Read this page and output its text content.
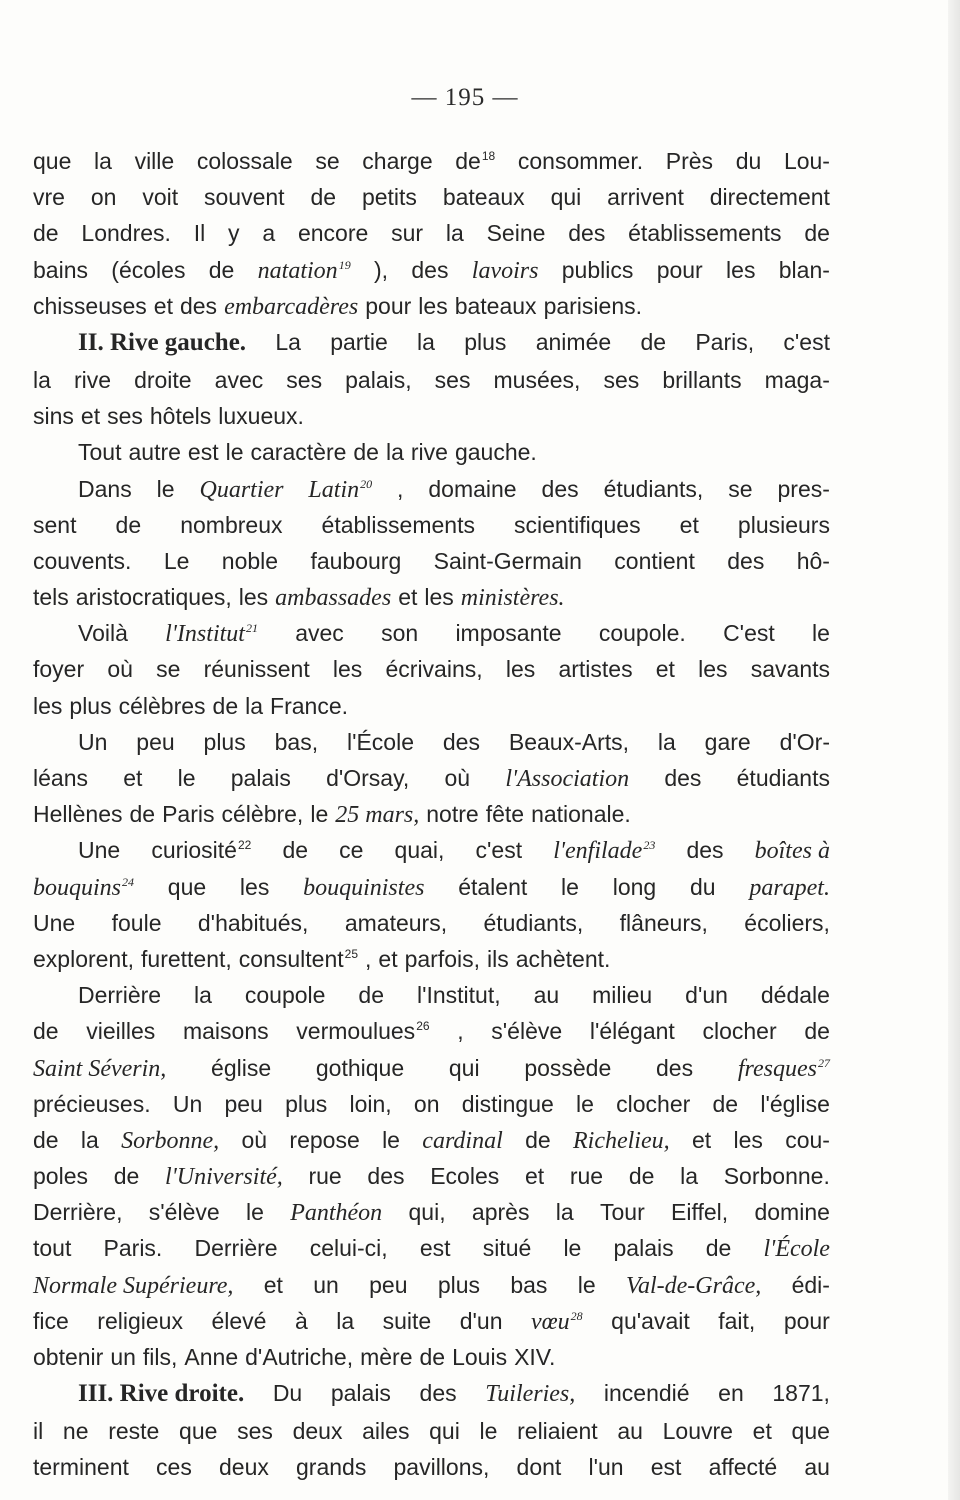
— 195 —
que la ville colossale se charge $de^{18}$ consommer. Près du Lou-
vre on voit souvent de petits bateaux qui arrivent directement
de Londres. Il y a encore sur la Seine des établissements de
bains (écoles de natation$^{19}$ ), des lavoirs publics pour les blan-
chisseuses et des embarcadères pour les bateaux parisiens.
II. Rive gauche. La partie la plus animée de Paris, c'est
la rive droite avec ses palais, ses musées, ses brillants maga-
sins et ses hôtels luxueux.
Tout autre est le caractère de la rive gauche.
Dans le Quartier Latin$^{20}$ , domaine des étudiants, se pres-
sent de nombreux établissements scientifiques et plusieurs
couvents. Le noble faubourg Saint-Germain contient des hô-
tels aristocratiques, les ambassades et les ministères.
Voilà l'Institut$^{21}$ avec son imposante coupole. C'est le
foyer où se réunissent les écrivains, les artistes et les savants
les plus célèbres de la France.
Un peu plus bas, l'École des Beaux-Arts, la gare d'Or-
léans et le palais d'Orsay, où l'Association des étudiants
Hellènes de Paris célèbre, le 25 mars, notre fête nationale.
Une curiosité$^{22}$ de ce quai, c'est l'enfilade$^{23}$ des boîtes à
bouquins$^{24}$ que les bouquinistes étalent le long du parapet.
Une foule d'habitués, amateurs, étudiants, flâneurs, écoliers,
explorent, furettent, consultent$^{25}$ , et parfois, ils achètent.
Derrière la coupole de l'Institut, au milieu d'un dédale
de vieilles maisons vermoulues$^{26}$ , s'élève l'élégant clocher de
Saint Séverin, église gothique qui possède des fresques$^{27}$
précieuses. Un peu plus loin, on distingue le clocher de l'église
de la Sorbonne, où repose le cardinal de Richelieu, et les cou-
poles de l'Université, rue des Ecoles et rue de la Sorbonne.
Derrière, s'élève le Panthéon qui, après la Tour Eiffel, domine
tout Paris. Derrière celui-ci, est situé le palais de l'École
Normale Supérieure, et un peu plus bas le Val-de-Grâce, édi-
fice religieux élevé à la suite d'un vœu$^{28}$ qu'avait fait, pour
obtenir un fils, Anne d'Autriche, mère de Louis XIV.
III. Rive droite. Du palais des Tuileries, incendié en 1871,
il ne reste que ses deux ailes qui le reliaient au Louvre et que
terminent ces deux grands pavillons, dont l'un est affecté au
